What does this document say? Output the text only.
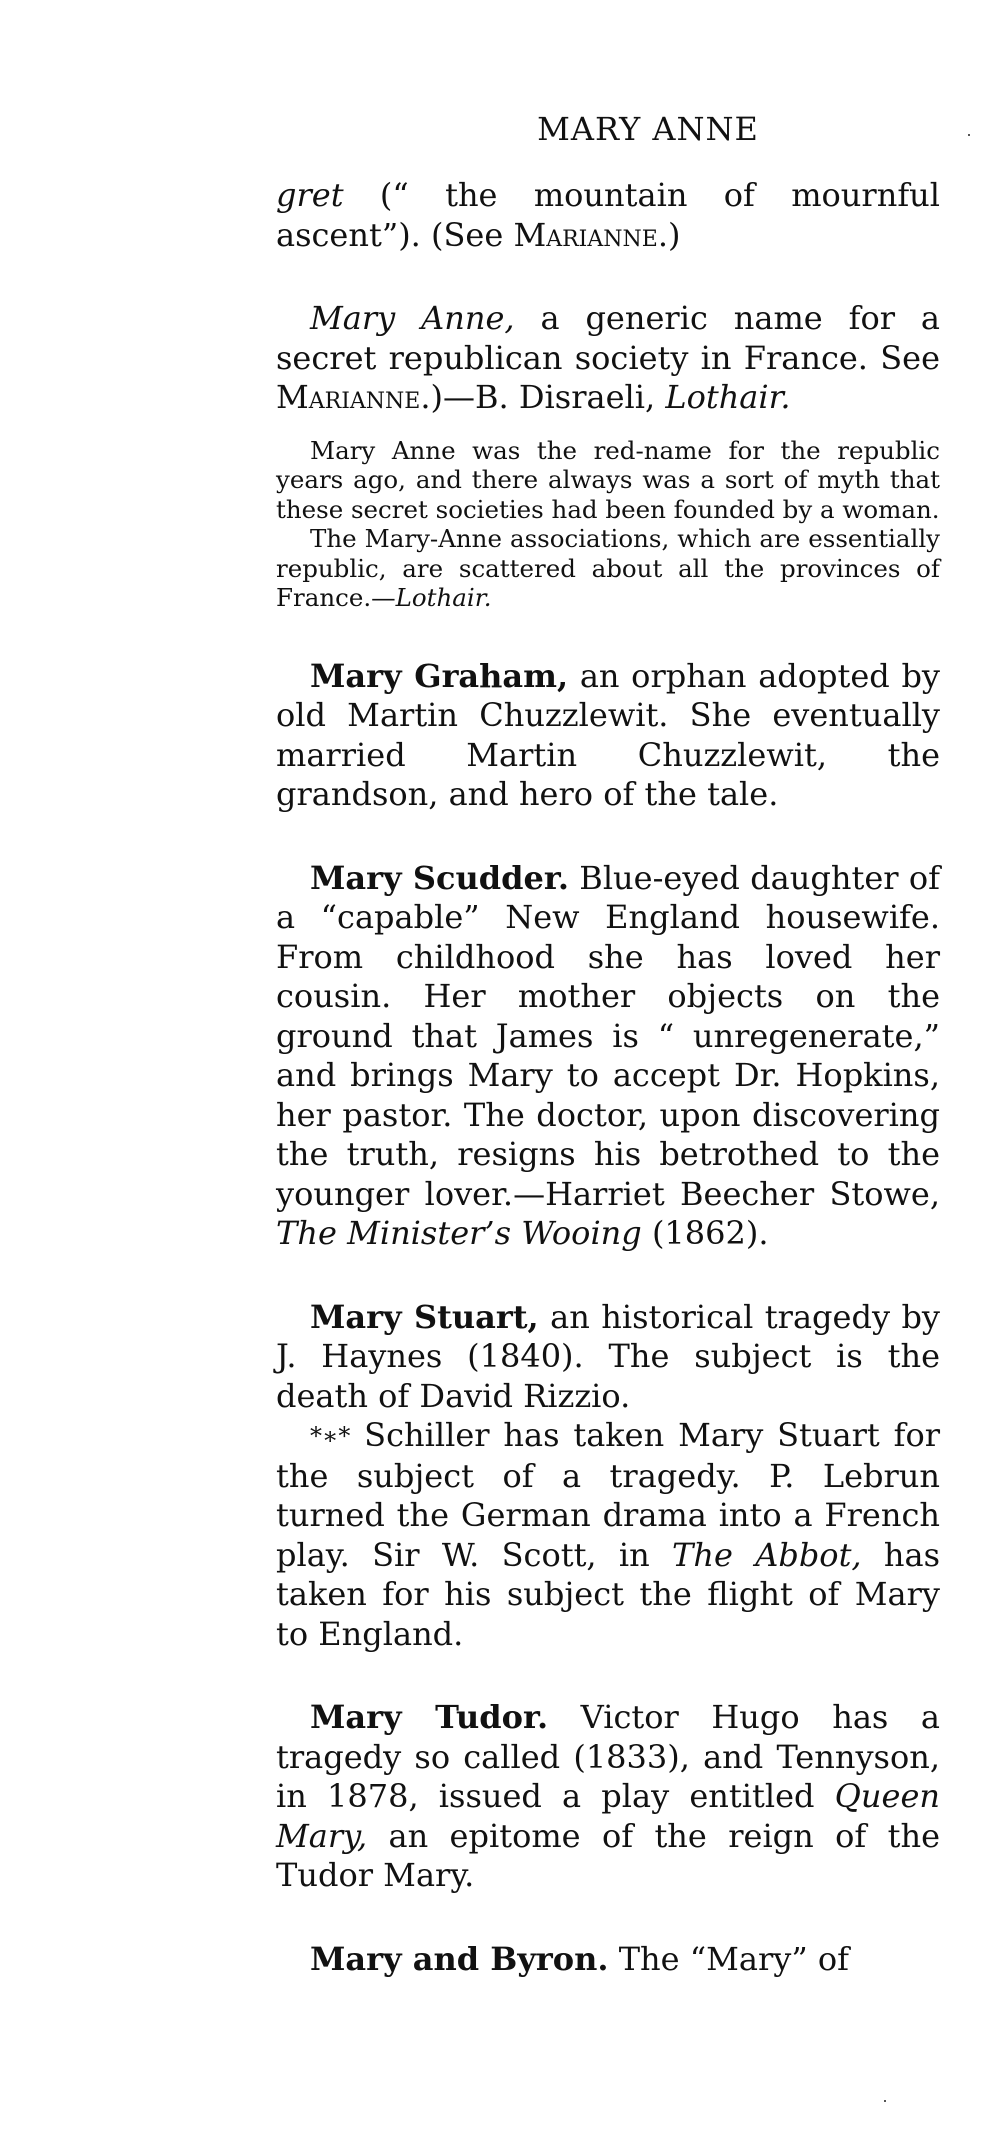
MARY ANNE

gret (“ the mountain of mournful ascent”). (See Marianne.)

Mary Anne, a generic name for a secret republican society in France. See Marianne.)—B. Disraeli, Lothair.

Mary Anne was the red-name for the republic years ago, and there always was a sort of myth that these secret societies had been founded by a woman.

The Mary-Anne associations, which are essentially republic, are scattered about all the provinces of France.—Lothair.

Mary Graham, an orphan adopted by old Martin Chuzzlewit. She eventually married Martin Chuzzlewit, the grandson, and hero of the tale.

Mary Scudder. Blue-eyed daughter of a “capable” New England housewife. From childhood she has loved her cousin. Her mother objects on the ground that James is “ unregenerate,” and brings Mary to accept Dr. Hopkins, her pastor. The doctor, upon discovering the truth, resigns his betrothed to the younger lover.—Harriet Beecher Stowe, The Minister’s Wooing (1862).

Mary Stuart, an historical tragedy by J. Haynes (1840). The subject is the death of David Rizzio.

*∗* Schiller has taken Mary Stuart for the subject of a tragedy. P. Lebrun turned the German drama into a French play. Sir W. Scott, in The Abbot, has taken for his subject the flight of Mary to England.

Mary Tudor. Victor Hugo has a tragedy so called (1833), and Tennyson, in 1878, issued a play entitled Queen Mary, an epitome of the reign of the Tudor Mary.

Mary and Byron. The “Mary” of
